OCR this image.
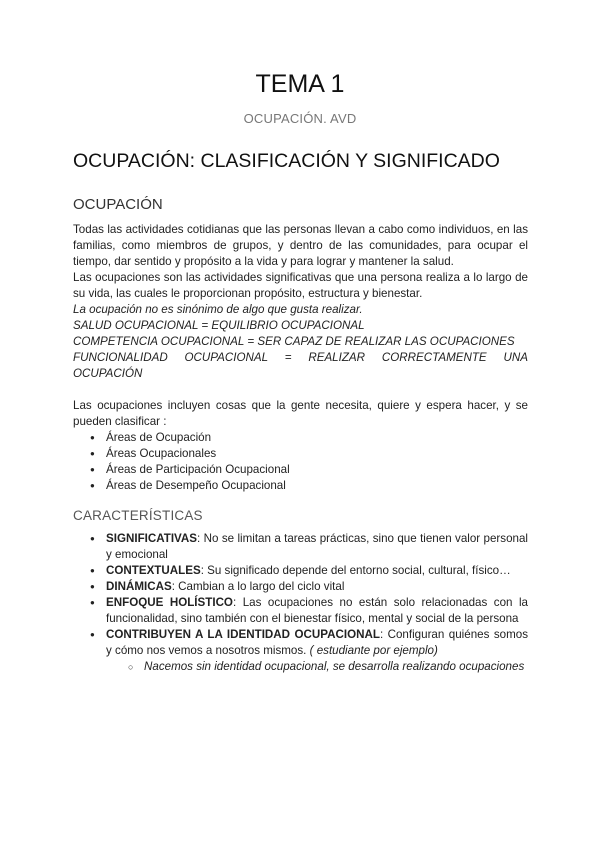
TEMA 1
OCUPACIÓN. AVD
OCUPACIÓN: CLASIFICACIÓN Y SIGNIFICADO
OCUPACIÓN

Todas las actividades cotidianas que las personas llevan a cabo como individuos, en las familias, como miembros de grupos, y dentro de las comunidades, para ocupar el tiempo, dar sentido y propósito a la vida y para lograr y mantener la salud.

Las ocupaciones son las actividades significativas que una persona realiza a lo largo de su vida, las cuales le proporcionan propósito, estructura y bienestar.

La ocupación no es sinónimo de algo que gusta realizar.

SALUD OCUPACIONAL = EQUILIBRIO OCUPACIONAL

COMPETENCIA OCUPACIONAL = SER CAPAZ DE REALIZAR LAS OCUPACIONES

FUNCIONALIDAD OCUPACIONAL = REALIZAR CORRECTAMENTE UNA OCUPACIÓN

Las ocupaciones incluyen cosas que la gente necesita, quiere y espera hacer, y se pueden clasificar :

● Áreas de Ocupación
● Áreas Ocupacionales
● Áreas de Participación Ocupacional
● Áreas de Desempeño Ocupacional
CARACTERÍSTICAS
● SIGNIFICATIVAS: No se limitan a tareas prácticas, sino que tienen valor personal y emocional
● CONTEXTUALES: Su significado depende del entorno social, cultural, físico…
● DINÁMICAS: Cambian a lo largo del ciclo vital
● ENFOQUE HOLÍSTICO: Las ocupaciones no están solo relacionadas con la funcionalidad, sino también con el bienestar físico, mental y social de la persona
● CONTRIBUYEN A LA IDENTIDAD OCUPACIONAL: Configuran quiénes somos y cómo nos vemos a nosotros mismos. ( estudiante por ejemplo)
○ Nacemos sin identidad ocupacional, se desarrolla realizando ocupaciones
